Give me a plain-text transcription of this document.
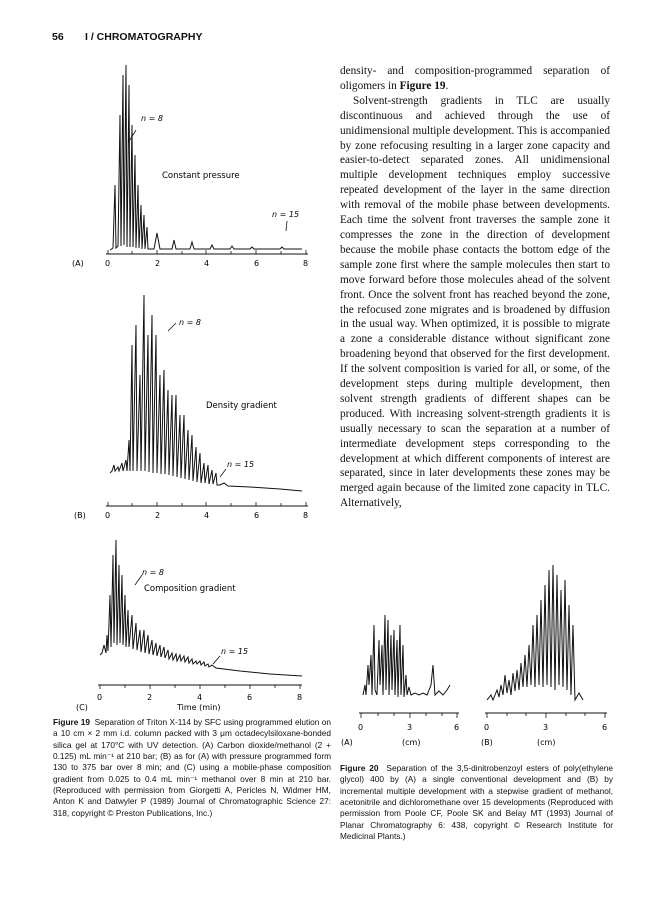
56 I / CHROMATOGRAPHY
n = 8
Constant pressure
n = 15
(A)	0	2	4	6	8
n = 8
Density gradient
n = 15
(B) 0	2	4	6	8
n = 8
Composition gradient
n = 15
0	2	4	6	8
(C)	Time (min)
Figure 19 Separation of Triton X-114 by SFC using programmed elution on a 10 cm × 2 mm i.d. column packed with 3 μm octadecylsiloxane-bonded silica gel at 170°C with UV detection. (A) Carbon dioxide/methanol (2 + 0.125) mL min⁻¹ at 210 bar; (B) as for (A) with pressure programmed form 130 to 375 bar over 8 min; and (C) using a mobile-phase composition gradient from 0.025 to 0.4 mL min⁻¹ methanol over 8 min at 210 bar. (Reproduced with permission from Giorgetti A, Pericles N, Widmer HM, Anton K and Datwyler P (1989) Journal of Chromatographic Science 27: 318, copyright © Preston Publications, Inc.)

density- and composition-programmed separation of oligomers in Figure 19.

Solvent-strength gradients in TLC are usually discontinuous and achieved through the use of unidimensional multiple development. This is accompanied by zone refocusing resulting in a larger zone capacity and easier-to-detect separated zones. All unidimensional multiple development techniques employ successive repeated development of the layer in the same direction with removal of the mobile phase between developments. Each time the solvent front traverses the sample zone it compresses the zone in the direction of development because the mobile phase contacts the bottom edge of the sample zone first where the sample molecules then start to move forward before those molecules ahead of the solvent front. Once the solvent front has reached beyond the zone, the refocused zone migrates and is broadened by diffusion in the usual way. When optimized, it is possible to migrate a zone a considerable distance without significant zone broadening beyond that observed for the first development. If the solvent composition is varied for all, or some, of the development steps during multiple development, then solvent strength gradients of different shapes can be produced. With increasing solvent-strength gradients it is usually necessary to scan the separation at a number of intermediate development steps corresponding to the development at which different components of interest are separated, since in later developments these zones may be merged again because of the limited zone capacity in TLC. Alternatively,

0	3	6
(A)	(cm)
0	3	6
(B)	(cm)
Figure 20 Separation of the 3,5-dinitrobenzoyl esters of poly(ethylene glycol) 400 by (A) a single conventional development and (B) by incremental multiple development with a stepwise gradient of methanol, acetonitrile and dichloromethane over 15 developments (Reproduced with permission from Poole CF, Poole SK and Belay MT (1993) Journal of Planar Chromatography 6: 438, copyright © Research Institute for Medicinal Plants.)
